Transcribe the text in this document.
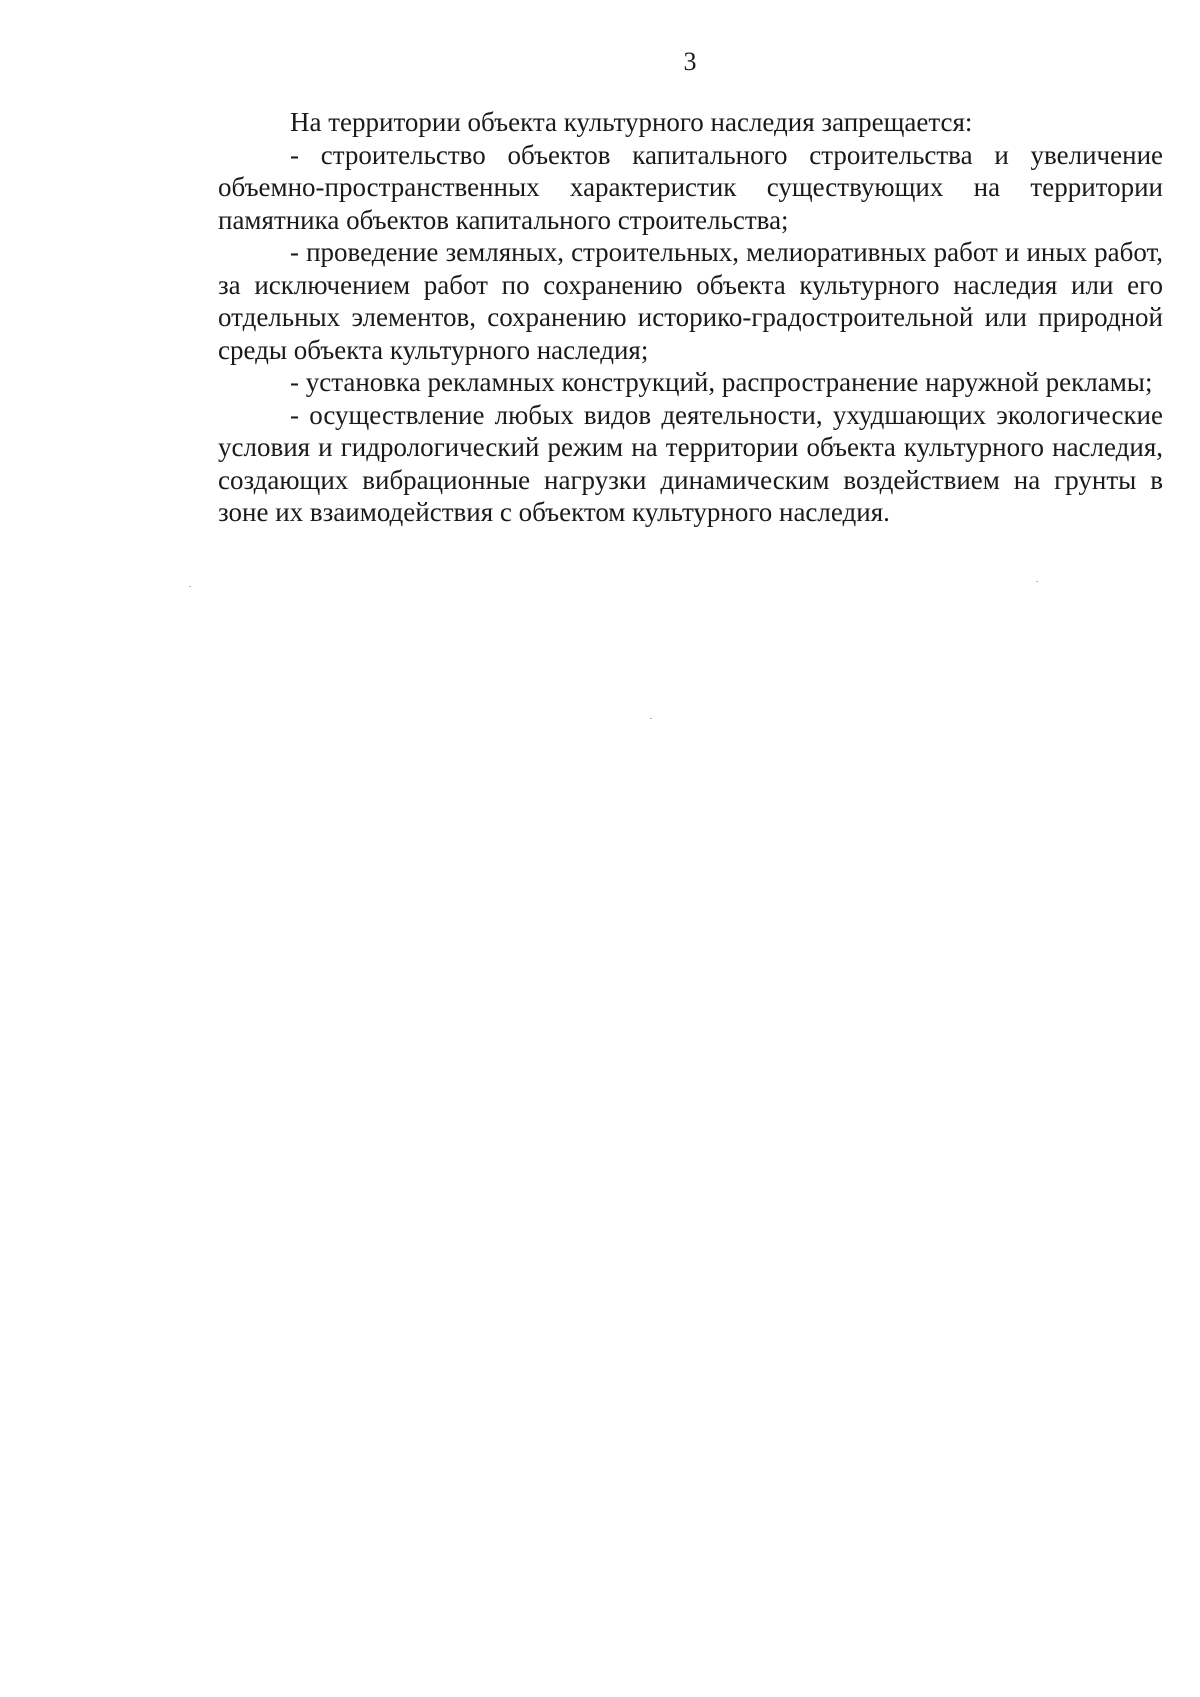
3

На территории объекта культурного наследия запрещается:

- строительство объектов капитального строительства и увеличение объемно-пространственных характеристик существующих на территории памятника объектов капитального строительства;

- проведение земляных, строительных, мелиоративных работ и иных работ, за исключением работ по сохранению объекта культурного наследия или его отдельных элементов, сохранению историко-градостроительной или природной среды объекта культурного наследия;

- установка рекламных конструкций, распространение наружной рекламы;

- осуществление любых видов деятельности, ухудшающих экологические условия и гидрологический режим на территории объекта культурного наследия, создающих вибрационные нагрузки динамическим воздействием на грунты в зоне их взаимодействия с объектом культурного наследия.
